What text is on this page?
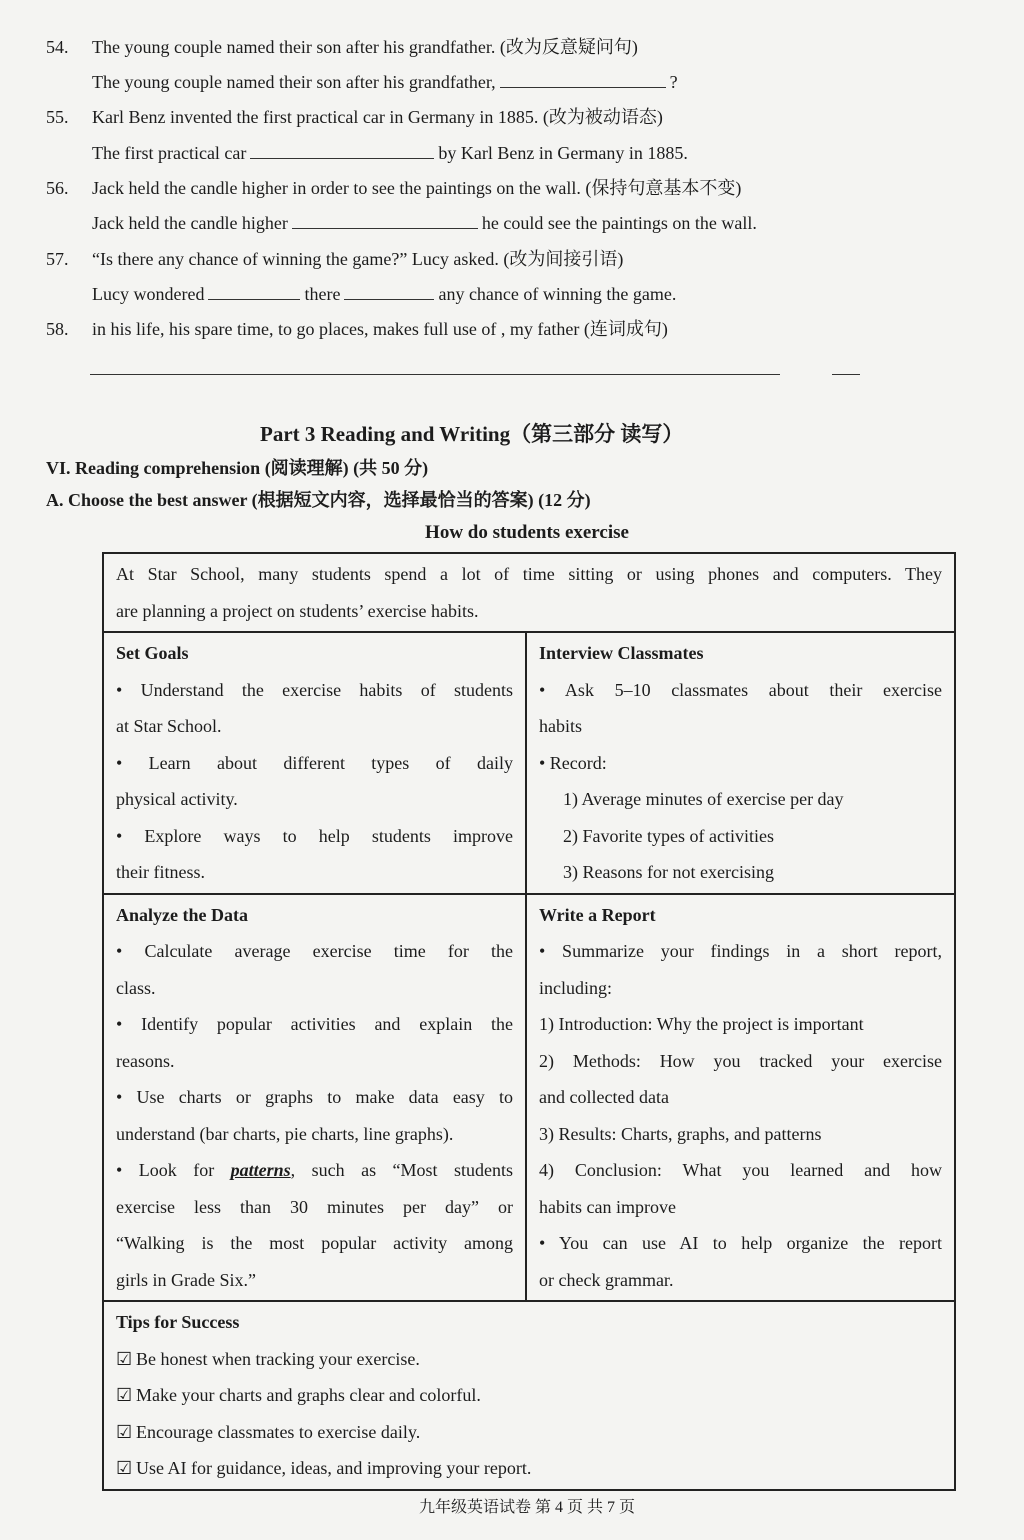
54. The young couple named their son after his grandfather. (改为反意疑问句)
The young couple named their son after his grandfather,	?
55. Karl Benz invented the first practical car in Germany in 1885. (改为被动语态)
The first practical car	by Karl Benz in Germany in 1885.
56. Jack held the candle higher in order to see the paintings on the wall. (保持句意基本不变)
Jack held the candle higher	he could see the paintings on the wall.
57. “Is there any chance of winning the game?” Lucy asked. (改为间接引语)
Lucy wondered	there	any chance of winning the game.
58. in his life, his spare time, to go places, makes full use of , my father (连词成句)
Part 3 Reading and Writing（第三部分 读写）
VI. Reading comprehension (阅读理解) (共 50 分)
A. Choose the best answer (根据短文内容，选择最恰当的答案) (12 分)
How do students exercise
At Star School, many students spend a lot of time sitting or using phones and computers. They
are planning a project on students’ exercise habits.
Set Goals
• Understand the exercise habits of students
at Star School.
• Learn about different types of daily
physical activity.
• Explore ways to help students improve
their fitness.
Interview Classmates
• Ask 5–10 classmates about their exercise
habits
• Record:
1) Average minutes of exercise per day
2) Favorite types of activities
3) Reasons for not exercising
Analyze the Data
• Calculate average exercise time for the
class.
• Identify popular activities and explain the
reasons.
• Use charts or graphs to make data easy to
understand (bar charts, pie charts, line graphs).
• Look for patterns, such as “Most students
exercise less than 30 minutes per day” or
“Walking is the most popular activity among
girls in Grade Six.”
Write a Report
• Summarize your findings in a short report,
including:
1) Introduction: Why the project is important
2) Methods: How you tracked your exercise
and collected data
3) Results: Charts, graphs, and patterns
4) Conclusion: What you learned and how
habits can improve
• You can use AI to help organize the report
or check grammar.
Tips for Success
☑ Be honest when tracking your exercise.
☑ Make your charts and graphs clear and colorful.
☑ Encourage classmates to exercise daily.
☑ Use AI for guidance, ideas, and improving your report.
九年级英语试卷 第 4 页 共 7 页
